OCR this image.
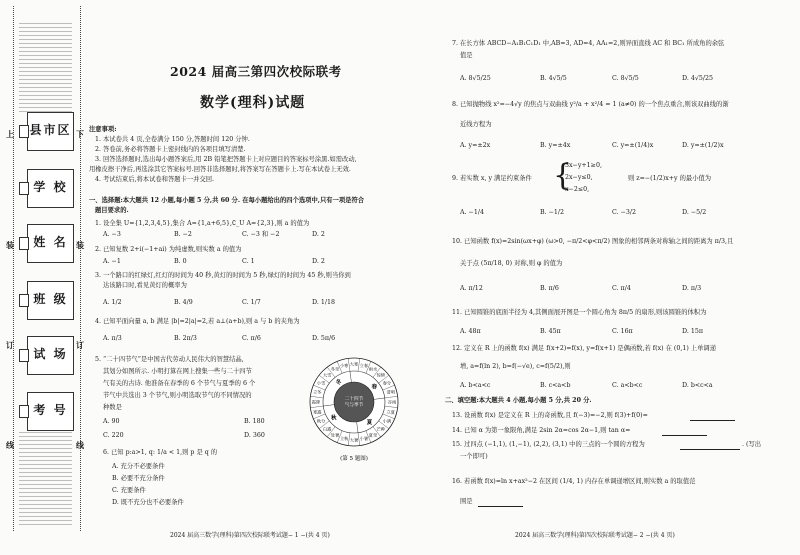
上	下
装	装
订	订
线	线
县市区
学 校
姓 名
班 级
试 场
考 号
2024 届高三第四次校际联考
数学(理科)试题
注意事项:
1. 本试卷共 4 页,全卷满分 150 分,答题时间 120 分钟.
2. 答卷前,务必将答题卡上密封线内的各项目填写清楚.
3. 回答选择题时,选出每小题答案后,用 2B 铅笔把答题卡上对应题目的答案标号涂黑.如需改动,
用橡皮擦干净后,再选涂其它答案标号.回答非选择题时,将答案写在答题卡上.写在本试卷上无效.
4. 考试结束后,将本试卷和答题卡一并交回.
一、选择题:本大题共 12 小题,每小题 5 分,共 60 分. 在每小题给出的四个选项中,只有一项是符合
题目要求的.
1. 设全集 U={1,2,3,4,5},集合 A={1,a+6,5},∁_U A={2,3},则 a 的值为
A. −3	B. −2	C. −3 和 −2	D. 2
2. 已知复数 2+i(−1+ai) 为纯虚数,则实数 a 的值为
A. −1	B. 0	C. 1	D. 2
3. 一个路口的红绿灯,红灯的时间为 40 秒,黄灯的时间为 5 秒,绿灯的时间为 45 秒,则当你到
达该路口时,看见黄灯的概率为
A. 1/2	B. 4/9	C. 1/7	D. 1/18
4. 已知平面向量 a, b 满足 |b|=2|a|=2,若 a⊥(a+b),则 a 与 b 的夹角为
A. π/3	B. 2π/3	C. π/6	D. 5π/6
5. “二十四节气”是中国古代劳动人民伟大的智慧结晶,
其划分如图所示. 小明打算在网上搜集一些与二十四节
气有关的古诗. 他准备在春季的 6 个节气与夏季的 6 个
节气中共选出 3 个节气,则小明选取节气的不同情况的
种数是
A. 90	B. 180
C. 220	D. 360
6. 已知 p:a>1, q: 1/a < 1,则 p 是 q 的
A. 充分不必要条件
B. 必要不充分条件
C. 充要条件
D. 既不充分也不必要条件
立春
雨水
惊蛰
春分
清明
谷雨
立夏
小满
芒种
夏至
小暑
大暑
立秋
处暑
白露
秋分
寒露
霜降
立冬
小雪
大雪
冬至
小寒 大寒
春
夏
秋
冬
二十四节
气与季节
(第 5 题图)
2024 届高三数学(理科)第四次校际联考试题− 1 −(共 4 页)
7. 在长方体 ABCD−A₁B₁C₁D₁ 中,AB=3, AD=4, AA₁=2,则异面直线 AC 和 BC₁ 所成角的余弦
值是
A. 8√5/25	B. 4√5/5	C. 8√5/5	D. 4√5/25
8. 已知抛物线 x²=−4√y 的焦点与双曲线 y²/a + x²/4 = 1 (a≠0) 的一个焦点重合,则该双曲线的渐
近线方程为
A. y=±2x	B. y=±4x	C. y=±(1/4)x	D. y=±(1/2)x
9. 若实数 x, y 满足约束条件 {
3x−y+1≥0,
2x−y≤0,
x−2≤0,
则 z=−(1/2)x+y 的最小值为
A. −1/4	B. −1/2	C. −3/2	D. −5/2
10. 已知函数 f(x)=2sin(ωx+φ) (ω>0, −π/2<φ<π/2) 图象的相邻两条对称轴之间的距离为 π/3,且
关于点 (5π/18, 0) 对称,则 φ 的值为
A. π/12	B. π/6	C. π/4	D. π/3
11. 已知圆锥的底面半径为 4,其侧面展开图是一个圆心角为 8π/5 的扇形,则该圆锥的体积为
A. 48π	B. 45π	C. 16π	D. 15π
12. 定义在 R 上的函数 f(x) 满足 f(x+2)=f(x), y=f(x+1) 是偶函数,若 f(x) 在 (0,1) 上单调递
增, a=f(ln 2), b=f(−√e), c=f(5/2),则
A. b<a<c	B. c<a<b	C. a<b<c	D. b<c<a
二、填空题:本大题共 4 小题,每小题 5 分,共 20 分.
13. 设函数 f(x) 是定义在 R 上的奇函数,且 f(−3)=−2,则 f(3)+f(0)=
14. 已知 α 为第一象限角,满足 2sin 2α=cos 2α−1,则 tan α=
15. 过四点 (−1,1), (1,−1), (2,2), (3,1) 中的三点的一个圆的方程为	. (写出
一个即可)
16. 若函数 f(x)=ln x+ax²−2 在区间 (1/4, 1) 内存在单调递增区间,则实数 a 的取值范
围是
2024 届高三数学(理科)第四次校际联考试题− 2 −(共 4 页)
